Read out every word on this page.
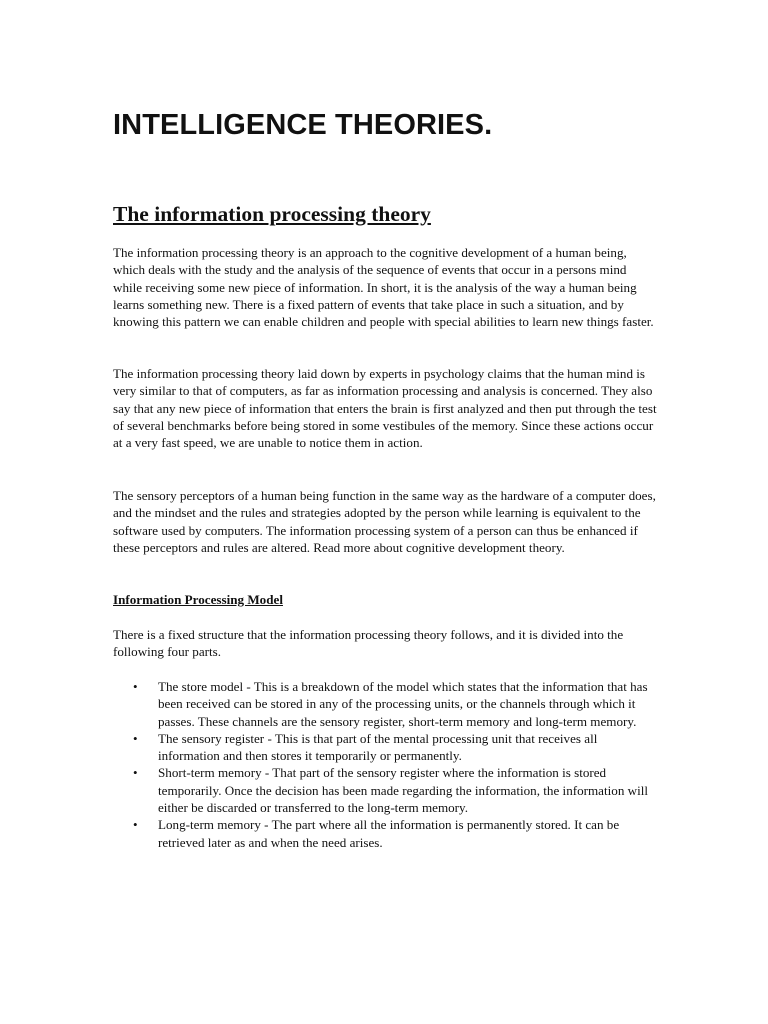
INTELLIGENCE THEORIES.
The information processing theory

The information processing theory is an approach to the cognitive development of a human being, which deals with the study and the analysis of the sequence of events that occur in a persons mind while receiving some new piece of information. In short, it is the analysis of the way a human being learns something new. There is a fixed pattern of events that take place in such a situation, and by knowing this pattern we can enable children and people with special abilities to learn new things faster.

The information processing theory laid down by experts in psychology claims that the human mind is very similar to that of computers, as far as information processing and analysis is concerned. They also say that any new piece of information that enters the brain is first analyzed and then put through the test of several benchmarks before being stored in some vestibules of the memory. Since these actions occur at a very fast speed, we are unable to notice them in action.

The sensory perceptors of a human being function in the same way as the hardware of a computer does, and the mindset and the rules and strategies adopted by the person while learning is equivalent to the software used by computers. The information processing system of a person can thus be enhanced if these perceptors and rules are altered. Read more about cognitive development theory.

Information Processing Model

There is a fixed structure that the information processing theory follows, and it is divided into the following four parts.

•	The store model - This is a breakdown of the model which states that the information that has been received can be stored in any of the processing units, or the channels through which it passes. These channels are the sensory register, short-term memory and long-term memory.
•	The sensory register - This is that part of the mental processing unit that receives all information and then stores it temporarily or permanently.
•	Short-term memory - That part of the sensory register where the information is stored temporarily. Once the decision has been made regarding the information, the information will either be discarded or transferred to the long-term memory.
•	Long-term memory - The part where all the information is permanently stored. It can be retrieved later as and when the need arises.
